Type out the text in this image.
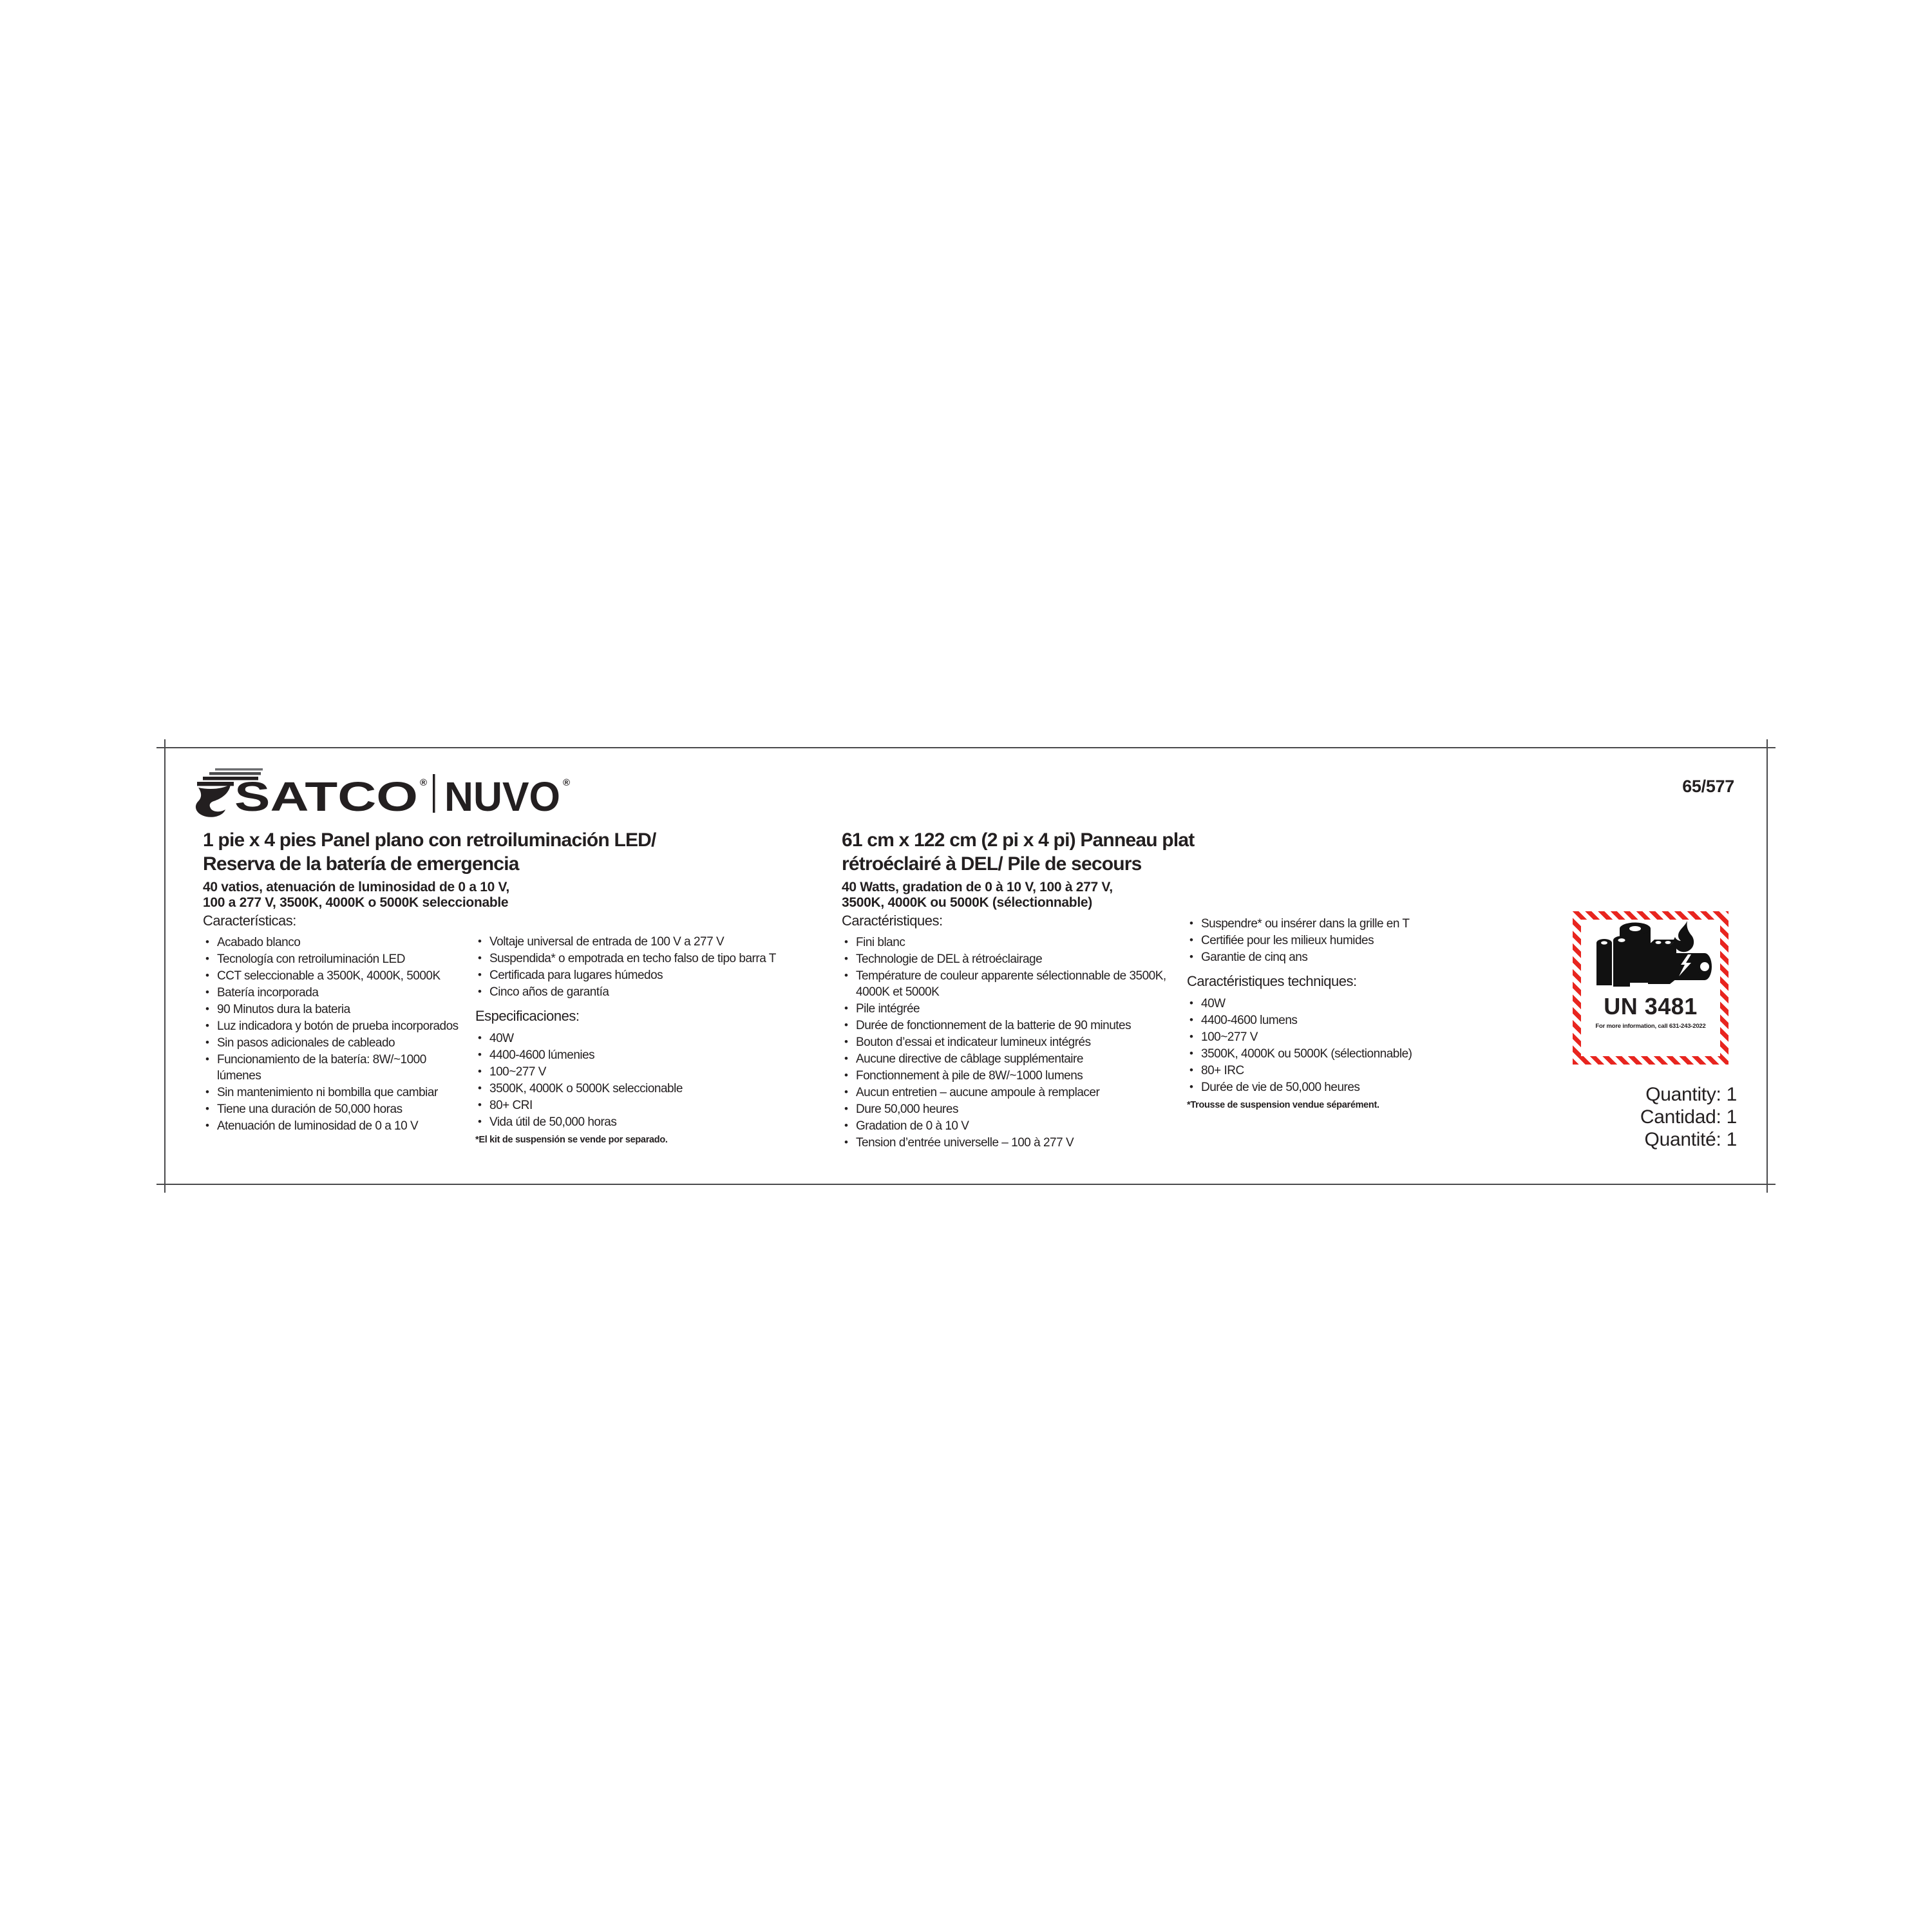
SATCO ® NUVO ®	65/577
1 pie x 4 pies Panel plano con retroiluminación LED/
Reserva de la batería de emergencia
40 vatios, atenuación de luminosidad de 0 a 10 V,
100 a 277 V, 3500K, 4000K o 5000K seleccionable
61 cm x 122 cm (2 pi x 4 pi) Panneau plat
rétroéclairé à DEL/ Pile de secours
40 Watts, gradation de 0 à 10 V, 100 à 277 V,
3500K, 4000K ou 5000K (sélectionnable)
Características:
• Acabado blanco
• Tecnología con retroiluminación LED
• CCT seleccionable a 3500K, 4000K, 5000K
• Batería incorporada
• 90 Minutos dura la bateria
• Luz indicadora y botón de prueba incorporados
• Sin pasos adicionales de cableado
• Funcionamiento de la batería: 8W/~1000 lúmenes
• Sin mantenimiento ni bombilla que cambiar
• Tiene una duración de 50,000 horas
• Atenuación de luminosidad de 0 a 10 V
• Voltaje universal de entrada de 100 V a 277 V
• Suspendida* o empotrada en techo falso de tipo barra T
• Certificada para lugares húmedos
• Cinco años de garantía
Especificaciones:
• 40W
• 4400-4600 lúmenies
• 100~277 V
• 3500K, 4000K o 5000K seleccionable
• 80+ CRI
• Vida útil de 50,000 horas
*El kit de suspensión se vende por separado.
Caractéristiques:
• Fini blanc
• Technologie de DEL à rétroéclairage
• Température de couleur apparente sélectionnable de 3500K, 4000K et 5000K
• Pile intégrée
• Durée de fonctionnement de la batterie de 90 minutes
• Bouton d’essai et indicateur lumineux intégrés
• Aucune directive de câblage supplémentaire
• Fonctionnement à pile de 8W/~1000 lumens
• Aucun entretien – aucune ampoule à remplacer
• Dure 50,000 heures
• Gradation de 0 à 10 V
• Tension d’entrée universelle – 100 à 277 V
• Suspendre* ou insérer dans la grille en T
• Certifiée pour les milieux humides
• Garantie de cinq ans
Caractéristiques techniques:
• 40W
• 4400-4600 lumens
• 100~277 V
• 3500K, 4000K ou 5000K (sélectionnable)
• 80+ IRC
• Durée de vie de 50,000 heures
*Trousse de suspension vendue séparément.
UN 3481
For more information, call 631-243-2022
Quantity: 1
Cantidad: 1
Quantité: 1
